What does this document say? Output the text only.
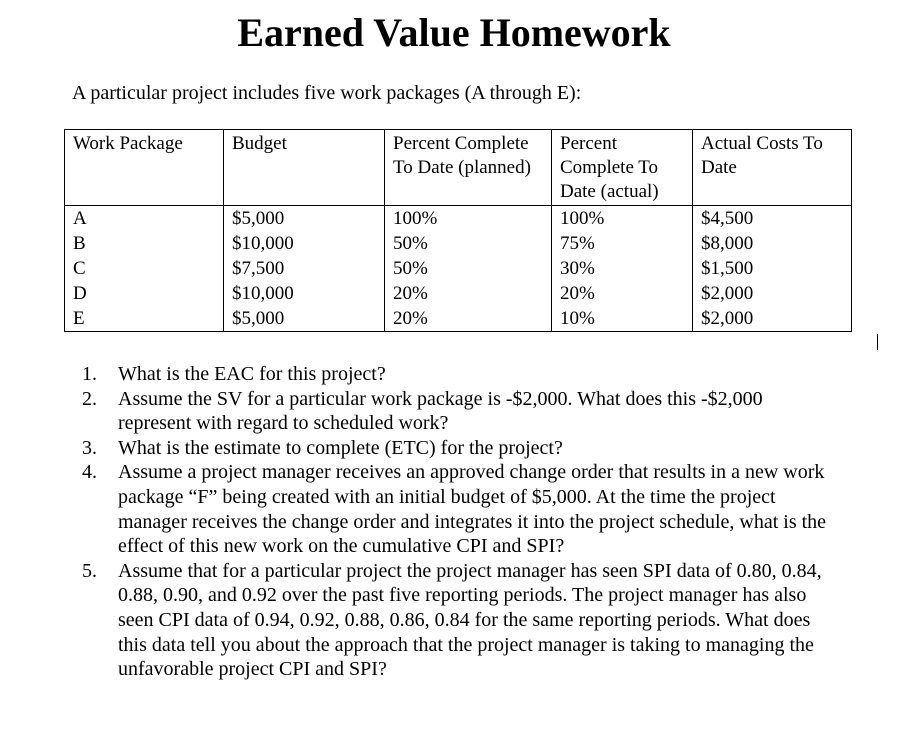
Earned Value Homework

A particular project includes five work packages (A through E):

Work Package	Budget	Percent Complete To Date (planned)	Percent Complete To Date (actual)	Actual Costs To Date
A	$5,000	100%	100%	$4,500
B	$10,000	50%	75%	$8,000
C	$7,500	50%	30%	$1,500
D	$10,000	20%	20%	$2,000
E	$5,000	20%	10%	$2,000
1. What is the EAC for this project?
2. Assume the SV for a particular work package is -$2,000. What does this -$2,000 represent with regard to scheduled work?
3. What is the estimate to complete (ETC) for the project?
4. Assume a project manager receives an approved change order that results in a new work package “F” being created with an initial budget of $5,000. At the time the project manager receives the change order and integrates it into the project schedule, what is the effect of this new work on the cumulative CPI and SPI?
5. Assume that for a particular project the project manager has seen SPI data of 0.80, 0.84, 0.88, 0.90, and 0.92 over the past five reporting periods. The project manager has also seen CPI data of 0.94, 0.92, 0.88, 0.86, 0.84 for the same reporting periods. What does this data tell you about the approach that the project manager is taking to managing the unfavorable project CPI and SPI?
